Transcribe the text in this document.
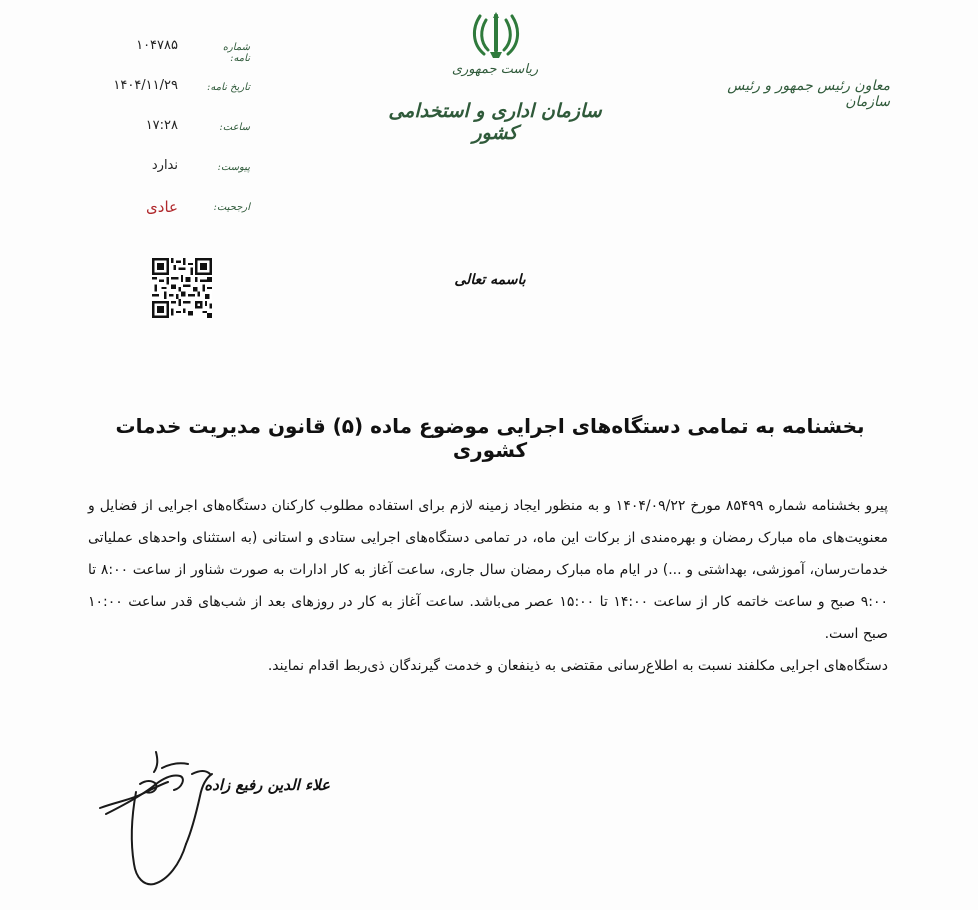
ریاست جمهوری
سازمان اداری و استخدامی کشور
معاون رئیس جمهور و رئیس سازمان
شماره نامه:
۱۰۴۷۸۵
تاریخ نامه:
۱۴۰۴/۱۱/۲۹
ساعت:
۱۷:۲۸
پیوست:
ندارد
ارجحیت:
عادی
باسمه تعالی
بخشنامه به تمامی دستگاه‌های اجرایی موضوع ماده (۵) قانون مدیریت خدمات کشوری

پیرو بخشنامه شماره ۸۵۴۹۹ مورخ ۱۴۰۴/۰۹/۲۲ و به منظور ایجاد زمینه لازم برای استفاده مطلوب کارکنان دستگاه‌های اجرایی از فضایل و معنویت‌های ماه مبارک رمضان و بهره‌مندی از برکات این ماه، در تمامی دستگاه‌های اجرایی ستادی و استانی (به استثنای واحدهای عملیاتی خدمات‌رسان، آموزشی، بهداشتی و ...) در ایام ماه مبارک رمضان سال جاری، ساعت آغاز به کار ادارات به صورت شناور از ساعت ۸:۰۰ تا ۹:۰۰ صبح و ساعت خاتمه کار از ساعت ۱۴:۰۰ تا ۱۵:۰۰ عصر می‌باشد. ساعت آغاز به کار در روزهای بعد از شب‌های قدر ساعت ۱۰:۰۰ صبح است.

دستگاه‌های اجرایی مکلفند نسبت به اطلاع‌رسانی مقتضی به ذینفعان و خدمت گیرندگان ذی‌ربط اقدام نمایند.

علاء الدین رفیع زاده
